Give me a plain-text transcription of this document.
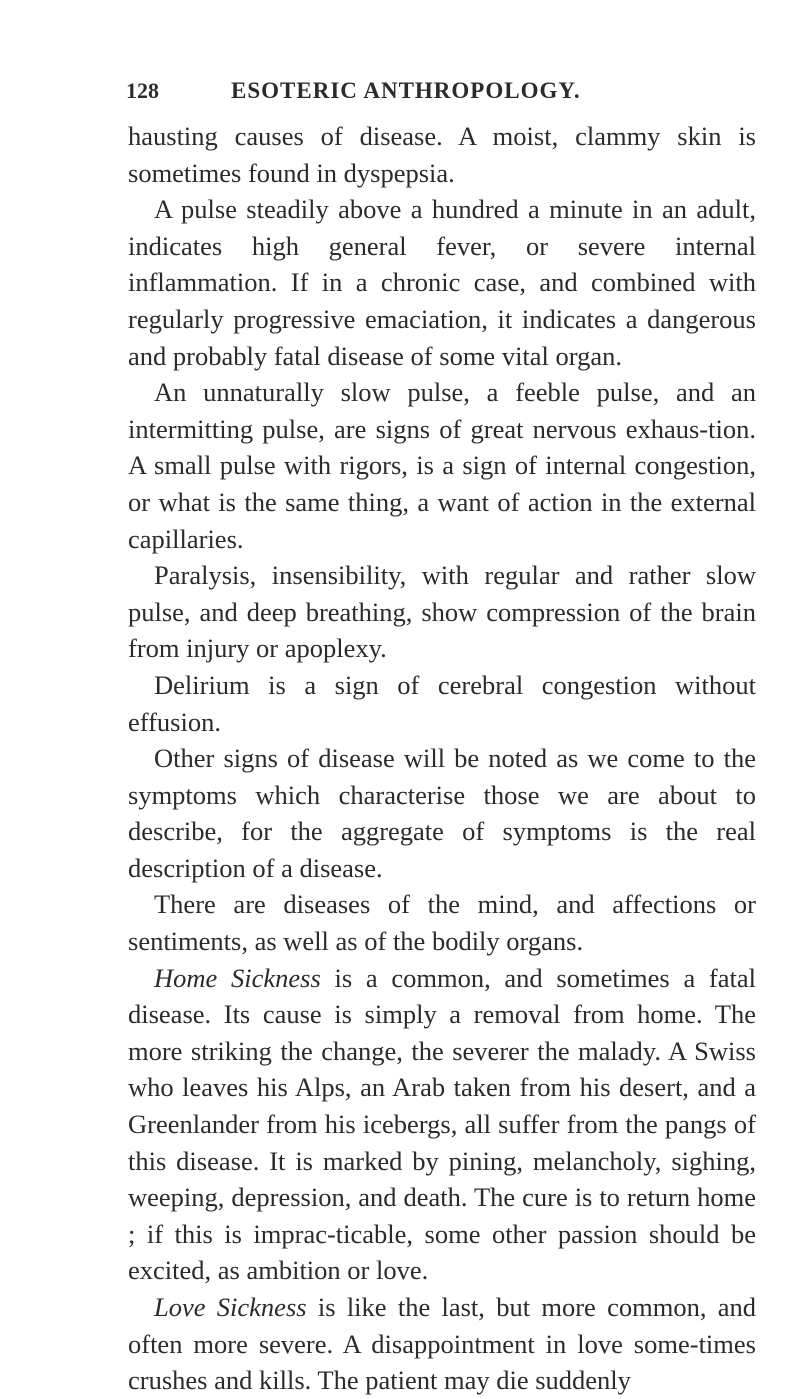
128	ESOTERIC ANTHROPOLOGY.

hausting causes of disease. A moist, clammy skin is sometimes found in dyspepsia.

A pulse steadily above a hundred a minute in an adult, indicates high general fever, or severe internal inflammation. If in a chronic case, and combined with regularly progressive emaciation, it indicates a dangerous and probably fatal disease of some vital organ.

An unnaturally slow pulse, a feeble pulse, and an intermitting pulse, are signs of great nervous exhaus-tion. A small pulse with rigors, is a sign of internal congestion, or what is the same thing, a want of action in the external capillaries.

Paralysis, insensibility, with regular and rather slow pulse, and deep breathing, show compression of the brain from injury or apoplexy.

Delirium is a sign of cerebral congestion without effusion.

Other signs of disease will be noted as we come to the symptoms which characterise those we are about to describe, for the aggregate of symptoms is the real description of a disease.

There are diseases of the mind, and affections or sentiments, as well as of the bodily organs.

Home Sickness is a common, and sometimes a fatal disease. Its cause is simply a removal from home. The more striking the change, the severer the malady. A Swiss who leaves his Alps, an Arab taken from his desert, and a Greenlander from his icebergs, all suffer from the pangs of this disease. It is marked by pining, melancholy, sighing, weeping, depression, and death. The cure is to return home ; if this is imprac-ticable, some other passion should be excited, as ambition or love.

Love Sickness is like the last, but more common, and often more severe. A disappointment in love some-times crushes and kills. The patient may die suddenly
